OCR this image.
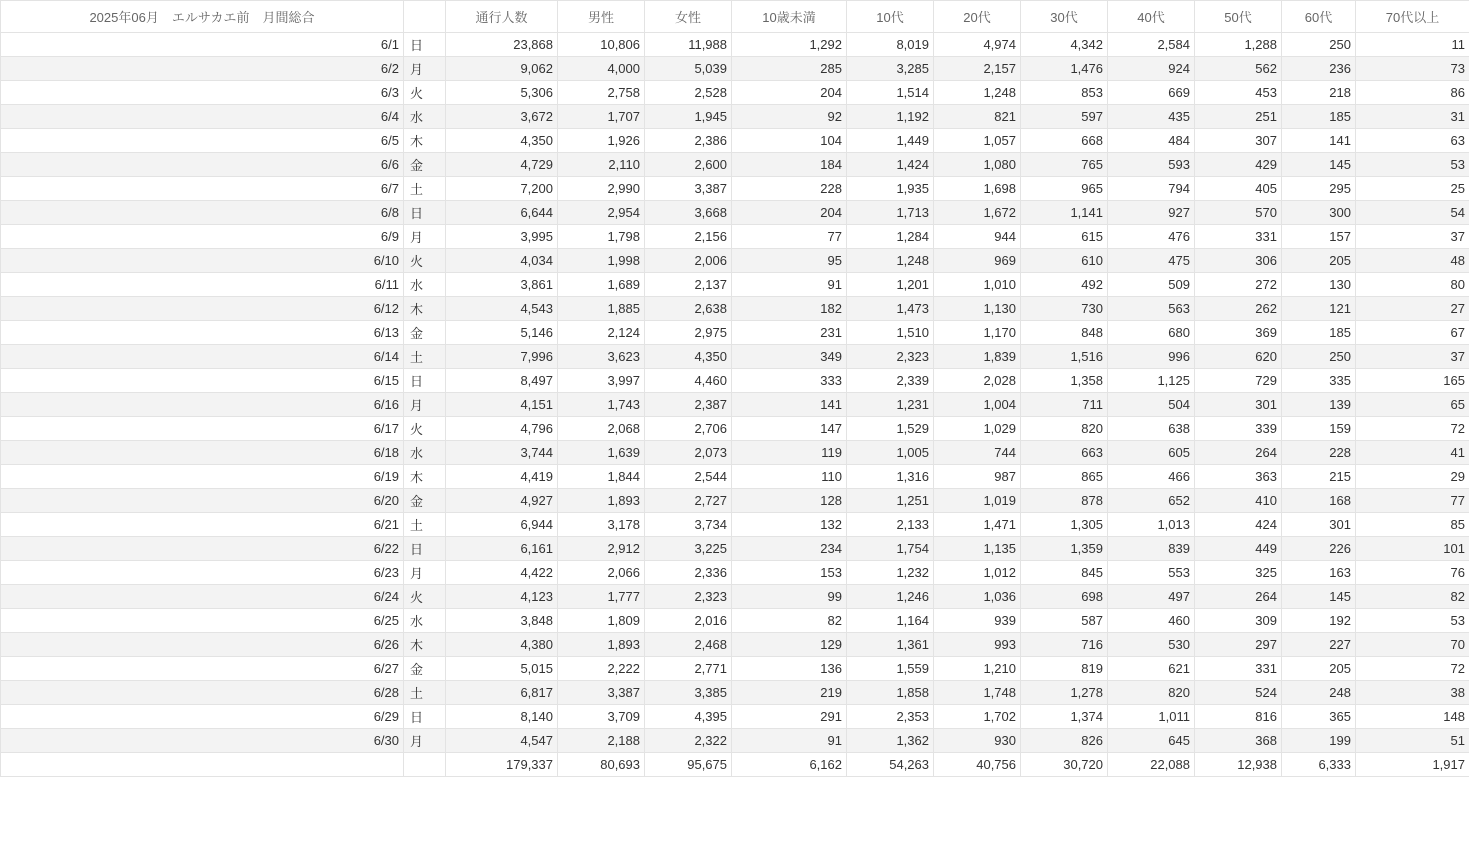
2025年06月　エルサカエ前　月間総合		通行人数	男性	女性	10歳未満	10代	20代	30代	40代	50代	60代	70代以上
6/1	日	23,868	10,806	11,988	1,292	8,019	4,974	4,342	2,584	1,288	250	11
6/2	月	9,062	4,000	5,039	285	3,285	2,157	1,476	924	562	236	73
6/3	火	5,306	2,758	2,528	204	1,514	1,248	853	669	453	218	86
6/4	水	3,672	1,707	1,945	92	1,192	821	597	435	251	185	31
6/5	木	4,350	1,926	2,386	104	1,449	1,057	668	484	307	141	63
6/6	金	4,729	2,110	2,600	184	1,424	1,080	765	593	429	145	53
6/7	土	7,200	2,990	3,387	228	1,935	1,698	965	794	405	295	25
6/8	日	6,644	2,954	3,668	204	1,713	1,672	1,141	927	570	300	54
6/9	月	3,995	1,798	2,156	77	1,284	944	615	476	331	157	37
6/10	火	4,034	1,998	2,006	95	1,248	969	610	475	306	205	48
6/11	水	3,861	1,689	2,137	91	1,201	1,010	492	509	272	130	80
6/12	木	4,543	1,885	2,638	182	1,473	1,130	730	563	262	121	27
6/13	金	5,146	2,124	2,975	231	1,510	1,170	848	680	369	185	67
6/14	土	7,996	3,623	4,350	349	2,323	1,839	1,516	996	620	250	37
6/15	日	8,497	3,997	4,460	333	2,339	2,028	1,358	1,125	729	335	165
6/16	月	4,151	1,743	2,387	141	1,231	1,004	711	504	301	139	65
6/17	火	4,796	2,068	2,706	147	1,529	1,029	820	638	339	159	72
6/18	水	3,744	1,639	2,073	119	1,005	744	663	605	264	228	41
6/19	木	4,419	1,844	2,544	110	1,316	987	865	466	363	215	29
6/20	金	4,927	1,893	2,727	128	1,251	1,019	878	652	410	168	77
6/21	土	6,944	3,178	3,734	132	2,133	1,471	1,305	1,013	424	301	85
6/22	日	6,161	2,912	3,225	234	1,754	1,135	1,359	839	449	226	101
6/23	月	4,422	2,066	2,336	153	1,232	1,012	845	553	325	163	76
6/24	火	4,123	1,777	2,323	99	1,246	1,036	698	497	264	145	82
6/25	水	3,848	1,809	2,016	82	1,164	939	587	460	309	192	53
6/26	木	4,380	1,893	2,468	129	1,361	993	716	530	297	227	70
6/27	金	5,015	2,222	2,771	136	1,559	1,210	819	621	331	205	72
6/28	土	6,817	3,387	3,385	219	1,858	1,748	1,278	820	524	248	38
6/29	日	8,140	3,709	4,395	291	2,353	1,702	1,374	1,011	816	365	148
6/30	月	4,547	2,188	2,322	91	1,362	930	826	645	368	199	51
		179,337	80,693	95,675	6,162	54,263	40,756	30,720	22,088	12,938	6,333	1,917
